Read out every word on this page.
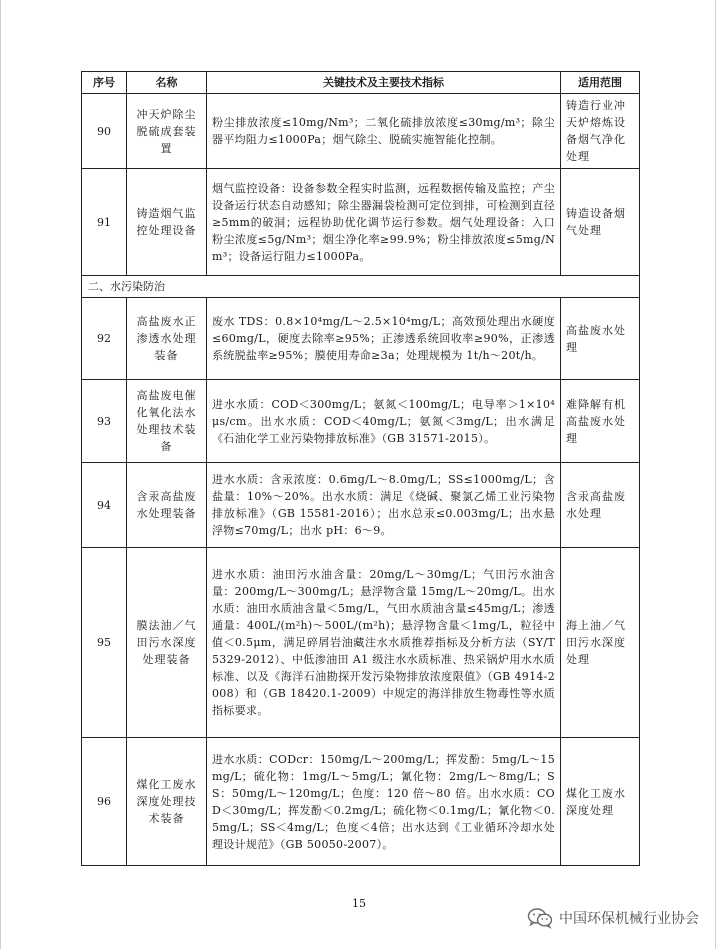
序号	名称	关键技术及主要技术指标	适用范围
90	冲天炉除尘脱硫成套装置	粉尘排放浓度≤10mg/Nm³；二氧化硫排放浓度≤30mg/m³；除尘器平均阻力≤1000Pa；烟气除尘、脱硫实施智能化控制。	铸造行业冲天炉熔炼设备烟气净化处理
91	铸造烟气监控处理设备	烟气监控设备：设备参数全程实时监测，远程数据传输及监控；产尘设备运行状态自动感知；除尘器漏袋检测可定位到排，可检测到直径≥5mm的破洞；远程协助优化调节运行参数。烟气处理设备：入口粉尘浓度≤5g/Nm³；烟尘净化率≥99.9%；粉尘排放浓度≤5mg/Nm³；设备运行阻力≤1000Pa。	铸造设备烟气处理
二、水污染防治			
92	高盐废水正渗透水处理装备	废水 TDS：0.8×10⁴mg/L～2.5×10⁴mg/L；高效预处理出水硬度≤60mg/L，硬度去除率≥95%；正渗透系统回收率≥90%，正渗透系统脱盐率≥95%；膜使用寿命≥3a；处理规模为 1t/h～20t/h。	高盐废水处理
93	高盐废电催化氧化法水处理技术装备	进水水质：COD＜300mg/L；氨氮＜100mg/L；电导率＞1×10⁴μs/cm。出水水质：COD＜40mg/L；氨氮＜3mg/L；出水满足《石油化学工业污染物排放标准》（GB 31571-2015）。	难降解有机高盐废水处理
94	含汞高盐废水处理装备	进水水质：含汞浓度：0.6mg/L～8.0mg/L；SS≤1000mg/L；含盐量：10%～20%。出水水质：满足《烧碱、聚氯乙烯工业污染物排放标准》（GB 15581-2016）；出水总汞≤0.003mg/L；出水悬浮物≤70mg/L；出水 pH：6～9。	含汞高盐废水处理
95	膜法油／气田污水深度处理装备	进水水质：油田污水油含量：20mg/L～30mg/L；气田污水油含量：200mg/L～300mg/L；悬浮物含量 15mg/L～20mg/L。出水水质：油田水质油含量＜5mg/L，气田水质油含量≤45mg/L；渗透通量：400L/(m²h)～500L/(m²h)；悬浮物含量＜1mg/L，粒径中值＜0.5μm，满足碎屑岩油藏注水水质推荐指标及分析方法（SY/T 5329-2012）、中低渗油田 A1 级注水水质标准、热采锅炉用水水质标准、以及《海洋石油勘探开发污染物排放浓度限值》（GB 4914-2008）和（GB 18420.1-2009）中规定的海洋排放生物毒性等水质指标要求。	海上油／气田污水深度处理
96	煤化工废水深度处理技术装备	进水水质：CODcr：150mg/L～200mg/L；挥发酚：5mg/L～15 mg/L；硫化物：1mg/L～5mg/L；氰化物：2mg/L～8mg/L；SS：50mg/L～120mg/L；色度：120 倍～80 倍。出水水质：COD＜30mg/L；挥发酚＜0.2mg/L；硫化物＜0.1mg/L；氰化物＜0.5mg/L；SS＜4mg/L；色度＜4倍；出水达到《工业循环冷却水处理设计规范》（GB 50050-2007）。	煤化工废水深度处理
15
中国环保机械行业协会
